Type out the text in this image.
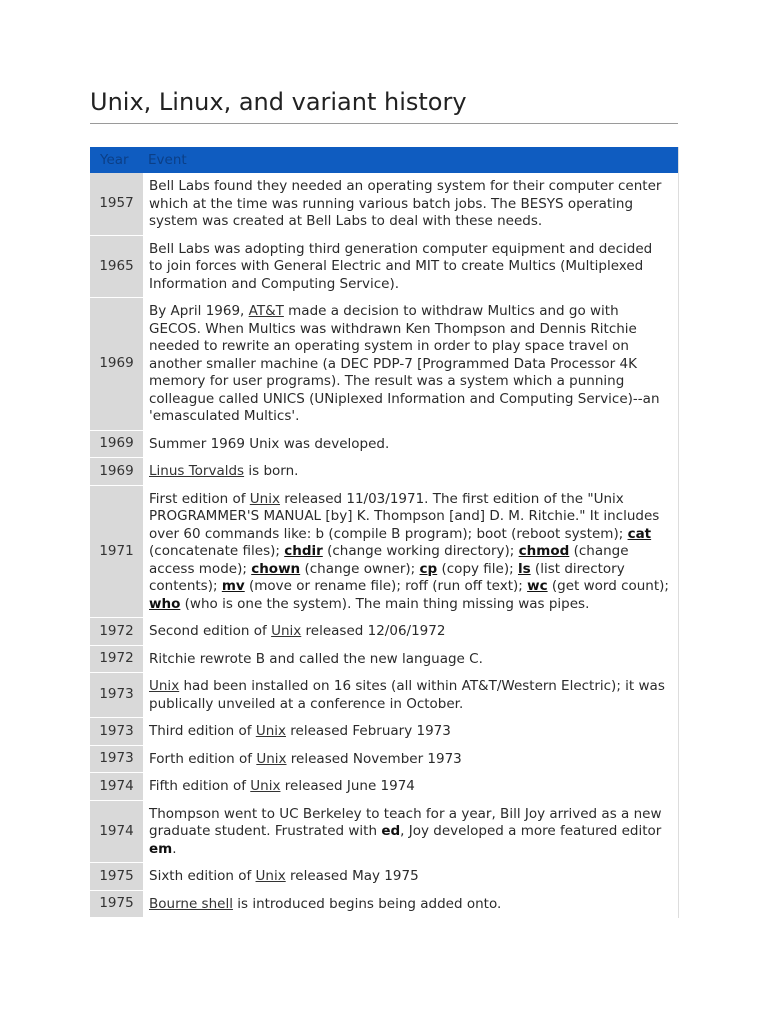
Unix, Linux, and variant history
Year	Event
1957	Bell Labs found they needed an operating system for their computer center which at the time was running various batch jobs. The BESYS operating system was created at Bell Labs to deal with these needs.
1965	Bell Labs was adopting third generation computer equipment and decided to join forces with General Electric and MIT to create Multics (Multiplexed Information and Computing Service).
1969	By April 1969, AT&T made a decision to withdraw Multics and go with GECOS. When Multics was withdrawn Ken Thompson and Dennis Ritchie needed to rewrite an operating system in order to play space travel on another smaller machine (a DEC PDP-7 [Programmed Data Processor 4K memory for user programs). The result was a system which a punning colleague called UNICS (UNiplexed Information and Computing Service)--an 'emasculated Multics'.
1969	Summer 1969 Unix was developed.
1969	Linus Torvalds is born.
1971	First edition of Unix released 11/03/1971. The first edition of the "Unix PROGRAMMER'S MANUAL [by] K. Thompson [and] D. M. Ritchie." It includes over 60 commands like: b (compile B program); boot (reboot system); cat (concatenate files); chdir (change working directory); chmod (change access mode); chown (change owner); cp (copy file); ls (list directory contents); mv (move or rename file); roff (run off text); wc (get word count); who (who is one the system). The main thing missing was pipes.
1972	Second edition of Unix released 12/06/1972
1972	Ritchie rewrote B and called the new language C.
1973	Unix had been installed on 16 sites (all within AT&T/Western Electric); it was publically unveiled at a conference in October.
1973	Third edition of Unix released February 1973
1973	Forth edition of Unix released November 1973
1974	Fifth edition of Unix released June 1974
1974	Thompson went to UC Berkeley to teach for a year, Bill Joy arrived as a new graduate student. Frustrated with ed, Joy developed a more featured editor em.
1975	Sixth edition of Unix released May 1975
1975	Bourne shell is introduced begins being added onto.
